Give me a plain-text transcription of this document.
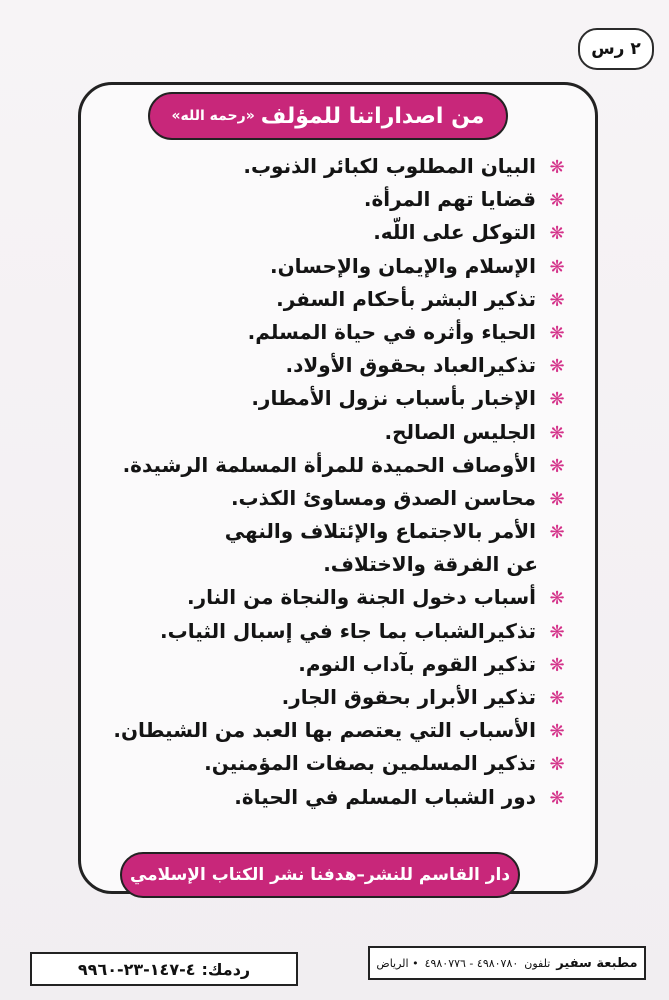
٢ رس
من اصداراتنا للمؤلف
«رحمه الله»
❋البيان المطلوب لكبائر الذنوب.
❋قضايا تهم المرأة.
❋التوكل على اللّه.
❋الإسلام والإيمان والإحسان.
❋تذكير البشر بأحكام السفر.
❋الحياء وأثره في حياة المسلم.
❋تذكيرالعباد بحقوق الأولاد.
❋الإخبار بأسباب نزول الأمطار.
❋الجليس الصالح.
❋الأوصاف الحميدة للمرأة المسلمة الرشيدة.
❋محاسن الصدق ومساوئ الكذب.
❋الأمر بالاجتماع والإئتلاف والنهي
عن الفرقة والاختلاف.
❋أسباب دخول الجنة والنجاة من النار.
❋تذكيرالشباب بما جاء في إسبال الثياب.
❋تذكير القوم بآداب النوم.
❋تذكير الأبرار بحقوق الجار.
❋الأسباب التي يعتصم بها العبد من الشيطان.
❋تذكير المسلمين بصفات المؤمنين.
❋دور الشباب المسلم في الحياة.
دار القاسم للنشر–هدفنا نشر الكتاب الإسلامي
ردمك:
٤-١٤٧-٢٣-٩٩٦٠	مطبعة سفير
تلفون
٤٩٨٠٧٨٠ - ٤٩٨٠٧٧٦
• الرياض
